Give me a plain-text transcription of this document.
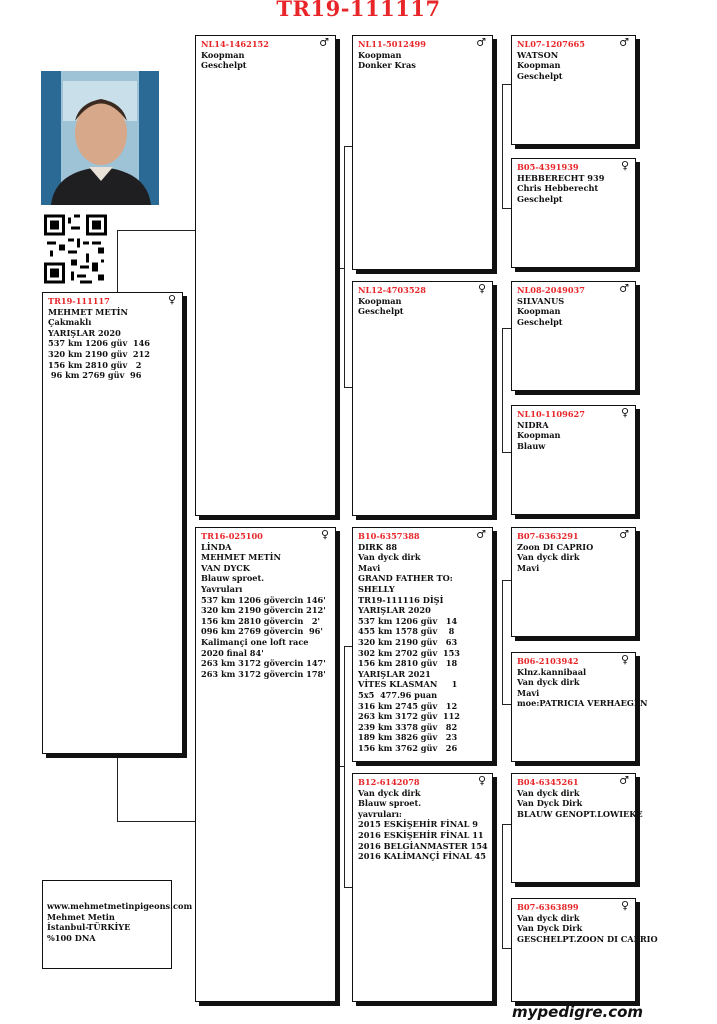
TR19-111117
TR19-111117	♀
MEHMET METİN
Çakmaklı
YARIŞLAR 2020
537 km 1206 güv  146
320 km 2190 güv  212
156 km 2810 güv   2
96 km 2769 güv  96
NL14-1462152	♂
Koopman
Geschelpt
TR16-025100	♀
LİNDA
MEHMET METİN
VAN DYCK
Blauw sproet.
Yavruları
537 km 1206 gövercin 146'
320 km 2190 gövercin 212'
156 km 2810 gövercin   2'
096 km 2769 gövercin  96'
Kalimançi one loft race
2020 final 84'
263 km 3172 gövercin 147'
263 km 3172 gövercin 178'
NL11-5012499	♂
Koopman
Donker Kras
NL12-4703528	♀
Koopman
Geschelpt
B10-6357388	♂
DIRK 88
Van dyck dirk
Mavi
GRAND FATHER TO:
SHELLY
TR19-111116 DİŞİ
YARIŞLAR 2020
537 km 1206 güv   14
455 km 1578 güv    8
320 km 2190 güv   63
302 km 2702 güv  153
156 km 2810 güv   18
YARIŞLAR 2021
VİTES KLASMAN     1
5x5  477.96 puan
316 km 2745 güv   12
263 km 3172 güv  112
239 km 3378 güv   82
189 km 3826 güv   23
156 km 3762 güv   26
B12-6142078	♀
Van dyck dirk
Blauw sproet.
yavruları:
2015 ESKİŞEHİR FİNAL 9
2016 ESKİŞEHİR FİNAL 11
2016 BELGİANMASTER 154
2016 KALİMANÇİ FİNAL 45
NL07-1207665	♂
WATSON
Koopman
Geschelpt
B05-4391939	♀
HEBBERECHT 939
Chris Hebberecht
Geschelpt
NL08-2049037	♂
SILVANUS
Koopman
Geschelpt
NL10-1109627	♀
NIDRA
Koopman
Blauw
B07-6363291	♂
Zoon DI CAPRIO
Van dyck dirk
Mavi
B06-2103942	♀
Klnz.kannibaal
Van dyck dirk
Mavi
moe:PATRICIA VERHAEGEN
B04-6345261	♂
Van dyck dirk
Van Dyck Dirk
BLAUW GENOPT.LOWIEKE
B07-6363899	♀
Van dyck dirk
Van Dyck Dirk
GESCHELPT.ZOON DI CAPRIO
www.mehmetmetinpigeons.com
Mehmet Metin
İstanbul-TÜRKİYE
%100 DNA
mypedigre.com
